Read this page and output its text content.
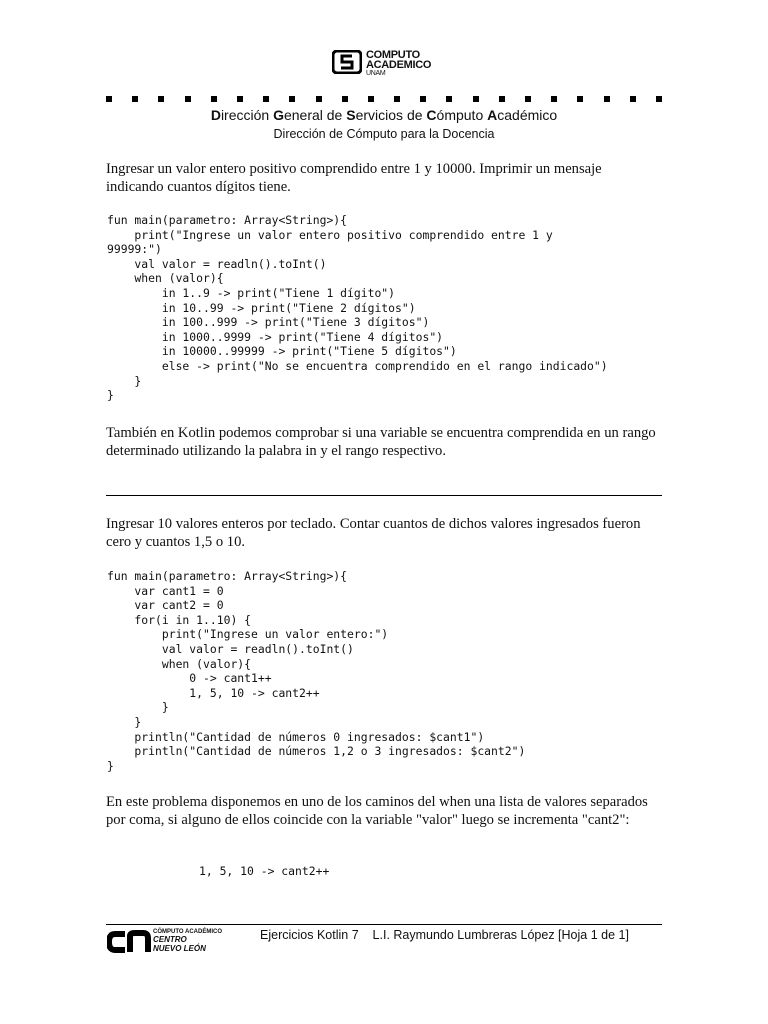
COMPUTO
ACADEMICO
UNAM
Dirección General de Servicios de Cómputo Académico
Dirección de Cómputo para la Docencia

Ingresar un valor entero positivo comprendido entre 1 y 10000. Imprimir un mensaje indicando cuantos dígitos tiene.

fun main(parametro: Array<String>){
print("Ingrese un valor entero positivo comprendido entre 1 y
99999:")
val valor = readln().toInt()
when (valor){
in 1..9 -> print("Tiene 1 dígito")
in 10..99 -> print("Tiene 2 dígitos")
in 100..999 -> print("Tiene 3 dígitos")
in 1000..9999 -> print("Tiene 4 dígitos")
in 10000..99999 -> print("Tiene 5 dígitos")
else -> print("No se encuentra comprendido en el rango indicado")
}
}

También en Kotlin podemos comprobar si una variable se encuentra comprendida en un rango determinado utilizando la palabra in y el rango respectivo.

Ingresar 10 valores enteros por teclado. Contar cuantos de dichos valores ingresados fueron cero y cuantos 1,5 o 10.

fun main(parametro: Array<String>){
var cant1 = 0
var cant2 = 0
for(i in 1..10) {
print("Ingrese un valor entero:")
val valor = readln().toInt()
when (valor){
0 -> cant1++
1, 5, 10 -> cant2++
}
}
println("Cantidad de números 0 ingresados: $cant1")
println("Cantidad de números 1,2 o 3 ingresados: $cant2")
}

En este problema disponemos en uno de los caminos del when una lista de valores separados por coma, si alguno de ellos coincide con la variable "valor" luego se incrementa "cant2":

1, 5, 10 -> cant2++
CÓMPUTO ACADÉMICO
CENTRO
NUEVO LEÓN
Ejercicios Kotlin 7    L.I. Raymundo Lumbreras López [Hoja 1 de 1]
